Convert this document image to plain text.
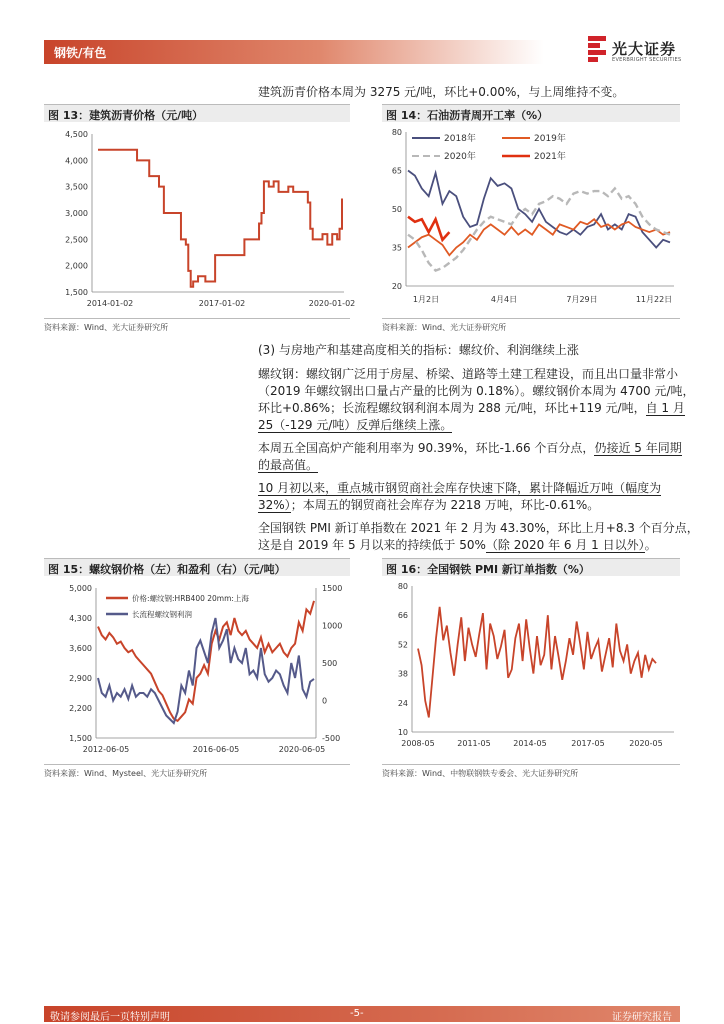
钢铁/有色	光大证券
EVERBRIGHT SECURITIES
建筑沥青价格本周为 3275 元/吨，环比+0.00%，与上周维持不变。
图 13：建筑沥青价格（元/吨）
1,500
2,000
2,500
3,000
3,500
4,000
4,500
2014-01-02	2017-01-02	2020-01-02
资料来源：Wind、光大证券研究所
图 14：石油沥青周开工率（%）
20
35
50
65
80
1月2日	4月4日	7月29日	11月22日
2018年	2019年
2020年	2021年
资料来源：Wind、光大证券研究所
(3) 与房地产和基建高度相关的指标：螺纹价、利润继续上涨
螺纹钢：螺纹钢广泛用于房屋、桥梁、道路等土建工程建设，而且出口量非常小
（2019 年螺纹钢出口量占产量的比例为 0.18%）。螺纹钢价本周为 4700 元/吨，
环比+0.86%；长流程螺纹钢利润本周为 288 元/吨，环比+119 元/吨，自 1 月
25（-129 元/吨）反弹后继续上涨。
本周五全国高炉产能利用率为 90.39%，环比-1.66 个百分点，仍接近 5 年同期
的最高值。
10 月初以来，重点城市钢贸商社会库存快速下降，累计降幅近万吨（幅度为
32%）；本周五的钢贸商社会库存为 2218 万吨，环比-0.61%。
全国钢铁 PMI 新订单指数在 2021 年 2 月为 43.30%，环比上月+8.3 个百分点，
这是自 2019 年 5 月以来的持续低于 50%（除 2020 年 6 月 1 日以外）。
图 15：螺纹钢价格（左）和盈利（右）（元/吨）
1,500
2,200
2,900
3,600
4,300
5,000
-500
0
500
1000
1500
2012-06-05	2016-06-05	2020-06-05
价格:螺纹钢:HRB400 20mm:上海
长流程螺纹钢利润
资料来源：Wind、Mysteel、光大证券研究所
图 16：全国钢铁 PMI 新订单指数（%）
10
24
38
52
66
80
2008-05	2011-05	2014-05	2017-05	2020-05
资料来源：Wind、中物联钢铁专委会、光大证券研究所
敬请参阅最后一页特别声明	-5-	证券研究报告
